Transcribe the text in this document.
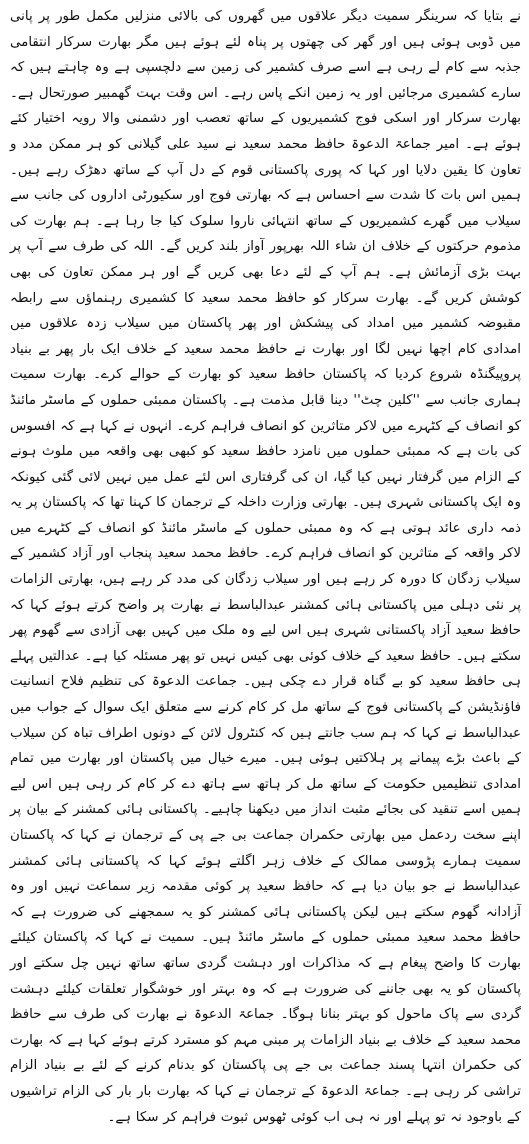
نے بتایا کہ سرینگر سمیت دیگر علاقوں میں گھروں کی بالائی منزلیں مکمل طور پر پانی میں ڈوبی ہوئی ہیں اور گھر کی چھتوں پر پناہ لئے ہوئے ہیں مگر بھارت سرکار انتقامی جذبہ سے کام لے رہی ہے اسے صرف کشمیر کی زمین سے دلچسپی ہے وہ چاہتے ہیں کہ سارے کشمیری مرجائیں اور یہ زمین انکے پاس رہے۔ اس وقت بہت گھمبیر صورتحال ہے۔ بھارت سرکار اور اسکی فوج کشمیریوں کے ساتھ تعصب اور دشمنی والا رویہ اختیار کئے ہوئے ہے۔ امیر جماعۃ الدعوۃ حافظ محمد سعید نے سید علی گیلانی کو ہر ممکن مدد و تعاون کا یقین دلایا اور کہا کہ پوری پاکستانی قوم کے دل آپ کے ساتھ دھڑک رہے ہیں۔ ہمیں اس بات کا شدت سے احساس ہے کہ بھارتی فوج اور سکیورٹی اداروں کی جانب سے سیلاب میں گھرے کشمیریوں کے ساتھ انتہائی ناروا سلوک کیا جا رہا ہے۔ ہم بھارت کی مذموم حرکتوں کے خلاف ان شاء اللہ بھرپور آواز بلند کریں گے۔ اللہ کی طرف سے آپ پر بہت بڑی آزمائش ہے۔ ہم آپ کے لئے دعا بھی کریں گے اور ہر ممکن تعاون کی بھی کوشش کریں گے۔ بھارت سرکار کو حافظ محمد سعید کا کشمیری رہنماؤں سے رابطہ مقبوضہ کشمیر میں امداد کی پیشکش اور پھر پاکستان میں سیلاب زدہ علاقوں میں امدادی کام اچھا نہیں لگا اور بھارت نے حافظ محمد سعید کے خلاف ایک بار پھر بے بنیاد پروپیگنڈہ شروع کردیا کہ پاکستان حافظ سعید کو بھارت کے حوالے کرے۔ بھارت سمیت ہماری جانب سے ''کلین چٹ'' دینا قابل مذمت ہے۔ پاکستان ممبئی حملوں کے ماسٹر مائنڈ کو انصاف کے کٹہرے میں لاکر متاثرین کو انصاف فراہم کرے۔ انہوں نے کہا ہے کہ افسوس کی بات ہے کہ ممبئی حملوں میں نامزد حافظ سعید کو کبھی بھی واقعہ میں ملوث ہونے کے الزام میں گرفتار نہیں کیا گیا، ان کی گرفتاری اس لئے عمل میں نہیں لائی گئی کیونکہ وہ ایک پاکستانی شہری ہیں۔ بھارتی وزارت داخلہ کے ترجمان کا کہنا تھا کہ پاکستان پر یہ ذمہ داری عائد ہوتی ہے کہ وہ ممبئی حملوں کے ماسٹر مائنڈ کو انصاف کے کٹہرے میں لاکر واقعہ کے متاثرین کو انصاف فراہم کرے۔ حافظ محمد سعید پنجاب اور آزاد کشمیر کے سیلاب زدگان کا دورہ کر رہے ہیں اور سیلاب زدگان کی مدد کر رہے ہیں، بھارتی الزامات پر نئی دہلی میں پاکستانی ہائی کمشنر عبدالباسط نے بھارت پر واضح کرتے ہوئے کہا کہ حافظ سعید آزاد پاکستانی شہری ہیں اس لیے وہ ملک میں کہیں بھی آزادی سے گھوم پھر سکتے ہیں۔ حافظ سعید کے خلاف کوئی بھی کیس نہیں تو پھر مسئلہ کیا ہے۔ عدالتیں پہلے ہی حافظ سعید کو بے گناہ قرار دے چکی ہیں۔ جماعت الدعوۃ کی تنظیم فلاح انسانیت فاؤنڈیشن کے پاکستانی فوج کے ساتھ مل کر کام کرنے سے متعلق ایک سوال کے جواب میں عبدالباسط نے کہا کہ ہم سب جانتے ہیں کہ کنٹرول لائن کے دونوں اطراف تباہ کن سیلاب کے باعث بڑے پیمانے پر ہلاکتیں ہوئی ہیں۔ میرے خیال میں پاکستان اور بھارت میں تمام امدادی تنظیمیں حکومت کے ساتھ مل کر ہاتھ سے ہاتھ دے کر کام کر رہی ہیں اس لیے ہمیں اسے تنقید کی بجائے مثبت انداز میں دیکھنا چاہیے۔ پاکستانی ہائی کمشنر کے بیان پر اپنے سخت ردعمل میں بھارتی حکمران جماعت بی جے پی کے ترجمان نے کہا کہ پاکستان سمیت ہمارے پڑوسی ممالک کے خلاف زہر اگلتے ہوئے کہا کہ پاکستانی ہائی کمشنر عبدالباسط نے جو بیان دیا ہے کہ حافظ سعید پر کوئی مقدمہ زیر سماعت نہیں اور وہ آزادانہ گھوم سکتے ہیں لیکن پاکستانی ہائی کمشنر کو یہ سمجھنے کی ضرورت ہے کہ حافظ محمد سعید ممبئی حملوں کے ماسٹر مائنڈ ہیں۔ سمیت نے کہا کہ پاکستان کیلئے بھارت کا واضح پیغام ہے کہ مذاکرات اور دہشت گردی ساتھ ساتھ نہیں چل سکتے اور پاکستان کو یہ بھی جاننے کی ضرورت ہے کہ وہ بہتر اور خوشگوار تعلقات کیلئے دہشت گردی سے پاک ماحول کو بہتر بنانا ہوگا۔ جماعۃ الدعوۃ نے بھارت کی طرف سے حافظ محمد سعید کے خلاف بے بنیاد الزامات پر مبنی مہم کو مسترد کرتے ہوئے کہا ہے کہ بھارت کی حکمران انتہا پسند جماعت بی جے پی پاکستان کو بدنام کرنے کے لئے بے بنیاد الزام تراشی کر رہی ہے۔ جماعۃ الدعوۃ کے ترجمان نے کہا کہ بھارت بار بار کی الزام تراشیوں کے باوجود نہ تو پہلے اور نہ ہی اب کوئی ٹھوس ثبوت فراہم کر سکا ہے۔
